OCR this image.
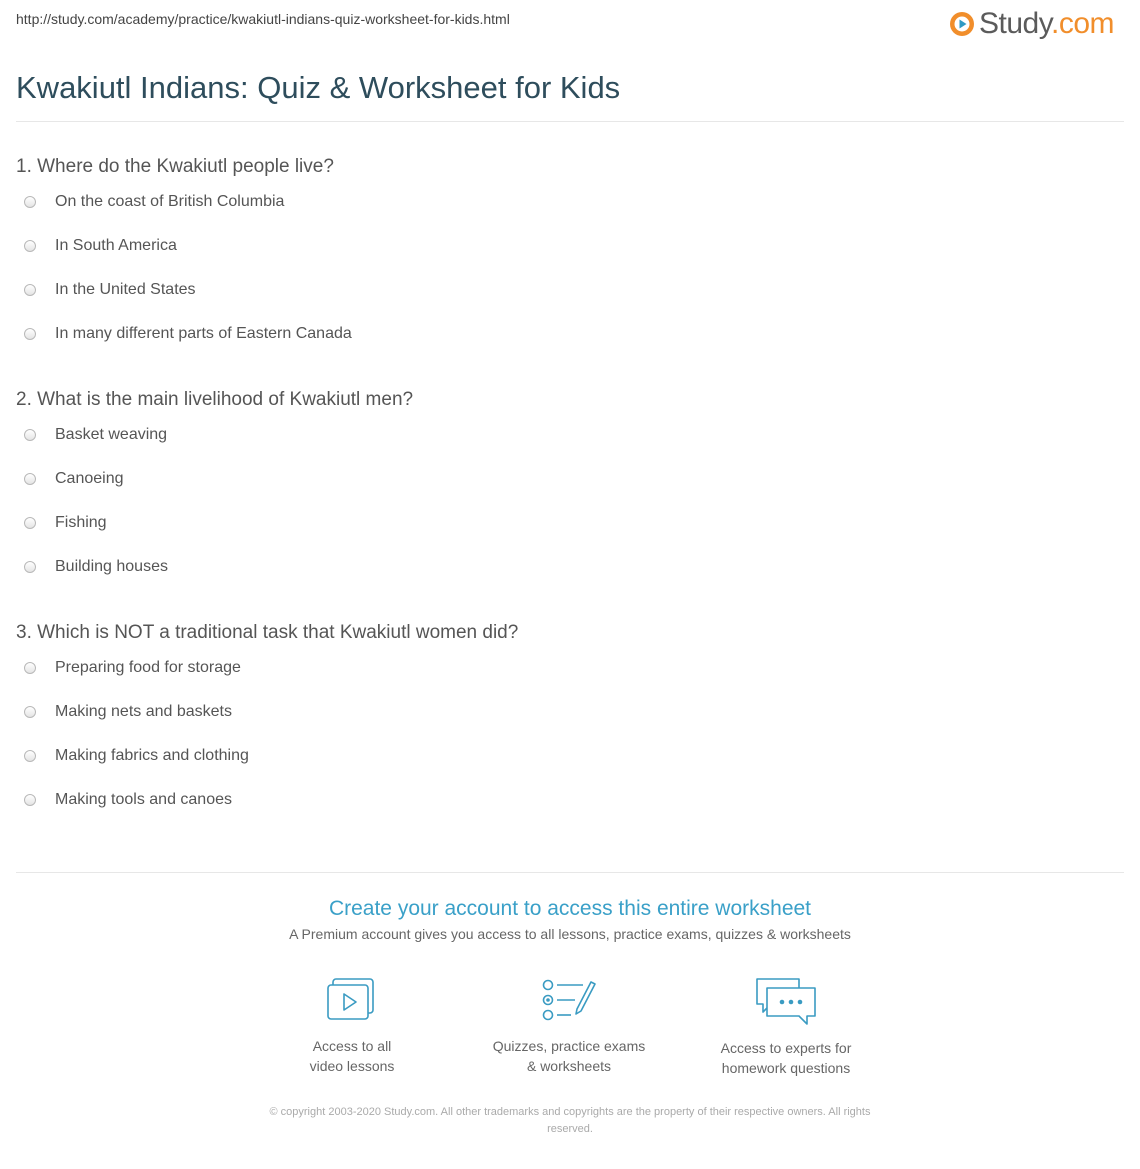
http://study.com/academy/practice/kwakiutl-indians-quiz-worksheet-for-kids.html	Study.com
Kwakiutl Indians: Quiz & Worksheet for Kids
1. Where do the Kwakiutl people live?
On the coast of British Columbia
In South America
In the United States
In many different parts of Eastern Canada
2. What is the main livelihood of Kwakiutl men?
Basket weaving
Canoeing
Fishing
Building houses
3. Which is NOT a traditional task that Kwakiutl women did?
Preparing food for storage
Making nets and baskets
Making fabrics and clothing
Making tools and canoes
Create your account to access this entire worksheet
A Premium account gives you access to all lessons, practice exams, quizzes & worksheets
Access to all
video lessons
Quizzes, practice exams
& worksheets
Access to experts for
homework questions
© copyright 2003-2020 Study.com. All other trademarks and copyrights are the property of their respective owners. All rights
reserved.
